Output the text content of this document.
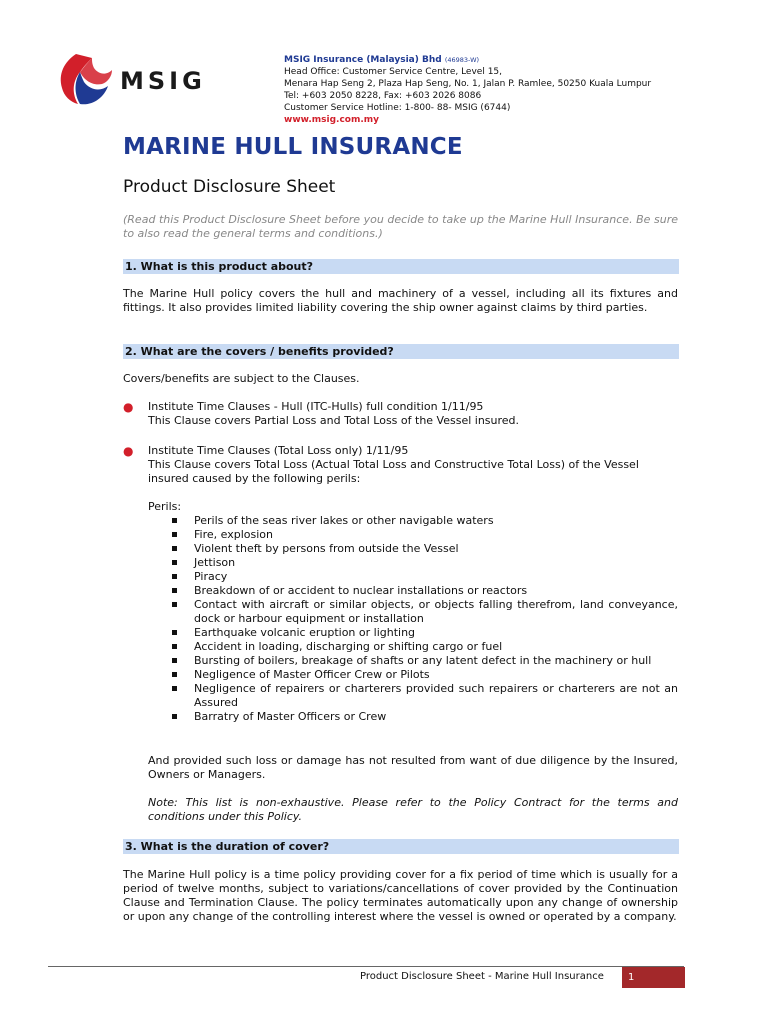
MSIG
MSIG Insurance (Malaysia) Bhd (46983-W)
Head Office: Customer Service Centre, Level 15,
Menara Hap Seng 2, Plaza Hap Seng, No. 1, Jalan P. Ramlee, 50250 Kuala Lumpur
Tel: +603 2050 8228, Fax: +603 2026 8086
Customer Service Hotline: 1-800- 88- MSIG (6744)
www.msig.com.my
MARINE HULL INSURANCE
Product Disclosure Sheet
(Read this Product Disclosure Sheet before you decide to take up the Marine Hull Insurance. Be sure to also read the general terms and conditions.)
1. What is this product about?
The Marine Hull policy covers the hull and machinery of a vessel, including all its fixtures and fittings. It also provides limited liability covering the ship owner against claims by third parties.
2. What are the covers / benefits provided?
Covers/benefits are subject to the Clauses.
● Institute Time Clauses - Hull (ITC-Hulls) full condition 1/11/95
This Clause covers Partial Loss and Total Loss of the Vessel insured.
● Institute Time Clauses (Total Loss only) 1/11/95
This Clause covers Total Loss (Actual Total Loss and Constructive Total Loss) of the Vessel insured caused by the following perils:
Perils:
Perils of the seas river lakes or other navigable waters
Fire, explosion
Violent theft by persons from outside the Vessel
Jettison
Piracy
Breakdown of or accident to nuclear installations or reactors
Contact with aircraft or similar objects, or objects falling therefrom, land conveyance, dock or harbour equipment or installation
Earthquake volcanic eruption or lighting
Accident in loading, discharging or shifting cargo or fuel
Bursting of boilers, breakage of shafts or any latent defect in the machinery or hull
Negligence of Master Officer Crew or Pilots
Negligence of repairers or charterers provided such repairers or charterers are not an Assured
Barratry of Master Officers or Crew
And provided such loss or damage has not resulted from want of due diligence by the Insured, Owners or Managers.
Note: This list is non-exhaustive. Please refer to the Policy Contract for the terms and conditions under this Policy.
3. What is the duration of cover?
The Marine Hull policy is a time policy providing cover for a fix period of time which is usually for a period of twelve months, subject to variations/cancellations of cover provided by the Continuation Clause and Termination Clause. The policy terminates automatically upon any change of ownership or upon any change of the controlling interest where the vessel is owned or operated by a company.
Product Disclosure Sheet - Marine Hull Insurance	1
